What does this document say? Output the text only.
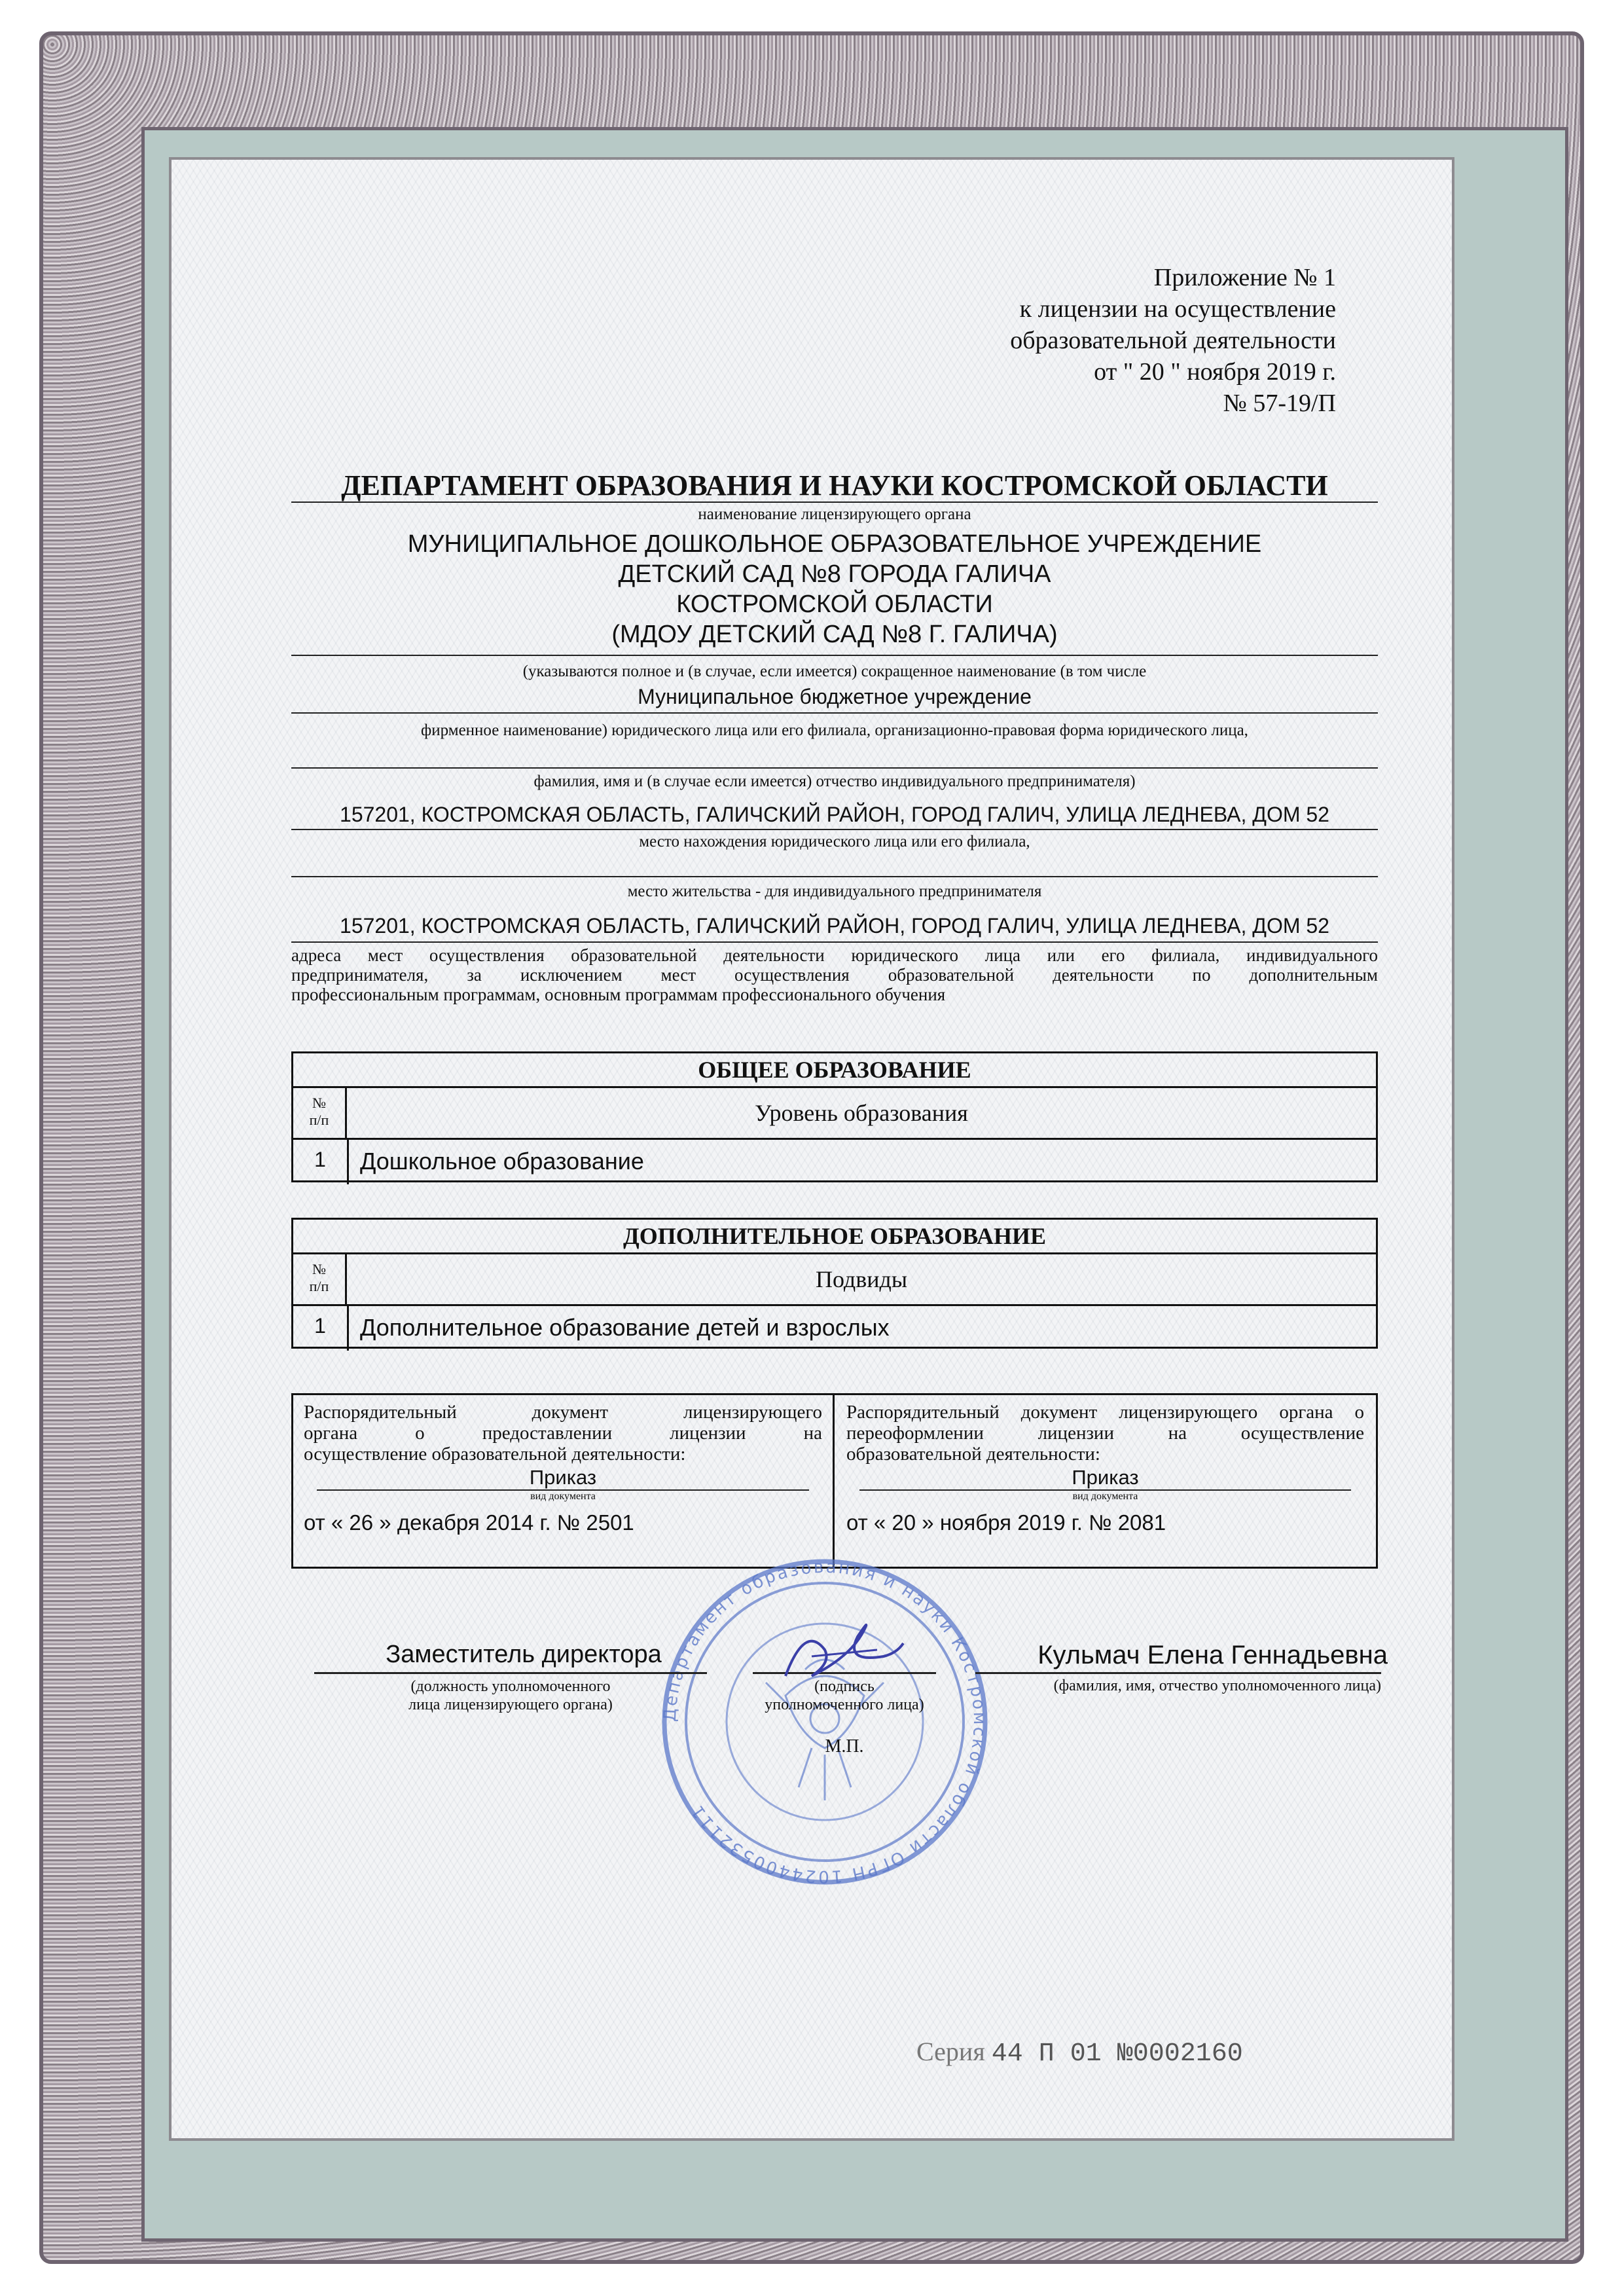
Приложение № 1
к лицензии на осуществление
образовательной деятельности
от " 20 " ноября 2019 г.
№ 57-19/П
ДЕПАРТАМЕНТ ОБРАЗОВАНИЯ И НАУКИ КОСТРОМСКОЙ ОБЛАСТИ
наименование лицензирующего органа
МУНИЦИПАЛЬНОЕ ДОШКОЛЬНОЕ ОБРАЗОВАТЕЛЬНОЕ УЧРЕЖДЕНИЕ
ДЕТСКИЙ САД №8 ГОРОДА ГАЛИЧА
КОСТРОМСКОЙ ОБЛАСТИ
(МДОУ ДЕТСКИЙ САД №8 Г. ГАЛИЧА)
(указываются полное и (в случае, если имеется) сокращенное наименование (в том числе
Муниципальное бюджетное учреждение
фирменное наименование) юридического лица или его филиала, организационно-правовая форма юридического лица,
фамилия, имя и (в случае если имеется) отчество индивидуального предпринимателя)
157201, КОСТРОМСКАЯ ОБЛАСТЬ, ГАЛИЧСКИЙ РАЙОН, ГОРОД ГАЛИЧ, УЛИЦА ЛЕДНЕВА, ДОМ 52
место нахождения юридического лица или его филиала,
место жительства - для индивидуального предпринимателя
157201, КОСТРОМСКАЯ ОБЛАСТЬ, ГАЛИЧСКИЙ РАЙОН, ГОРОД ГАЛИЧ, УЛИЦА ЛЕДНЕВА, ДОМ 52
адреса мест осуществления образовательной деятельности юридического лица или его филиала, индивидуального
предпринимателя, за исключением мест осуществления образовательной деятельности по дополнительным
профессиональным программам, основным программам профессионального обучения
ОБЩЕЕ ОБРАЗОВАНИЕ
№
п/п	Уровень образования
1	Дошкольное образование
ДОПОЛНИТЕЛЬНОЕ ОБРАЗОВАНИЕ
№
п/п	Подвиды
1	Дополнительное образование детей и взрослых
Распорядительный документ лицензирующего
органа о предоставлении лицензии на
осуществление образовательной деятельности:
Приказ
вид документа
от « 26 » декабря 2014 г. № 2501
Распорядительный документ лицензирующего органа о
переоформлении лицензии на осуществление
образовательной деятельности:
Приказ
вид документа
от « 20 » ноября 2019 г. № 2081
Департамент образования и науки Костромской области ОГРН 1024400532111
Заместитель директора
(должность уполномоченного
лица лицензирующего органа)
(подпись
уполномоченного лица)
М.П.
Кульмач Елена Геннадьевна
(фамилия, имя, отчество уполномоченного лица)
Серия 44 П 01 №0002160
